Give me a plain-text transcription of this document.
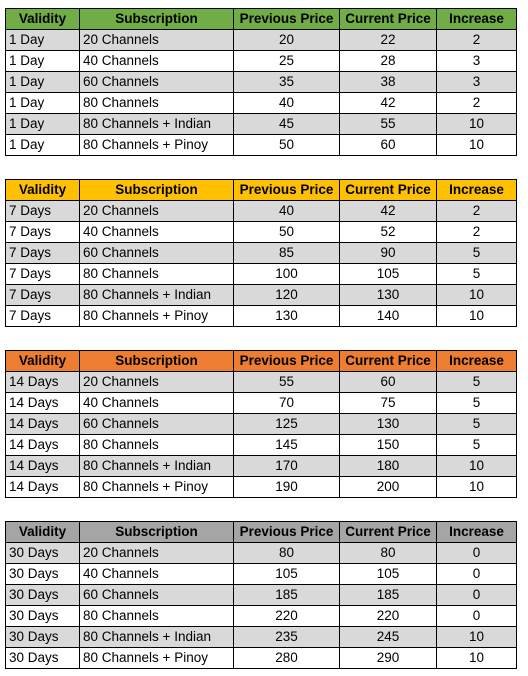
Validity	Subscription	Previous Price	Current Price	Increase
1 Day	20 Channels	20	22	2
1 Day	40 Channels	25	28	3
1 Day	60 Channels	35	38	3
1 Day	80 Channels	40	42	2
1 Day	80 Channels + Indian	45	55	10
1 Day	80 Channels + Pinoy	50	60	10
Validity	Subscription	Previous Price	Current Price	Increase
7 Days	20 Channels	40	42	2
7 Days	40 Channels	50	52	2
7 Days	60 Channels	85	90	5
7 Days	80 Channels	100	105	5
7 Days	80 Channels + Indian	120	130	10
7 Days	80 Channels + Pinoy	130	140	10
Validity	Subscription	Previous Price	Current Price	Increase
14 Days	20 Channels	55	60	5
14 Days	40 Channels	70	75	5
14 Days	60 Channels	125	130	5
14 Days	80 Channels	145	150	5
14 Days	80 Channels + Indian	170	180	10
14 Days	80 Channels + Pinoy	190	200	10
Validity	Subscription	Previous Price	Current Price	Increase
30 Days	20 Channels	80	80	0
30 Days	40 Channels	105	105	0
30 Days	60 Channels	185	185	0
30 Days	80 Channels	220	220	0
30 Days	80 Channels + Indian	235	245	10
30 Days	80 Channels + Pinoy	280	290	10
